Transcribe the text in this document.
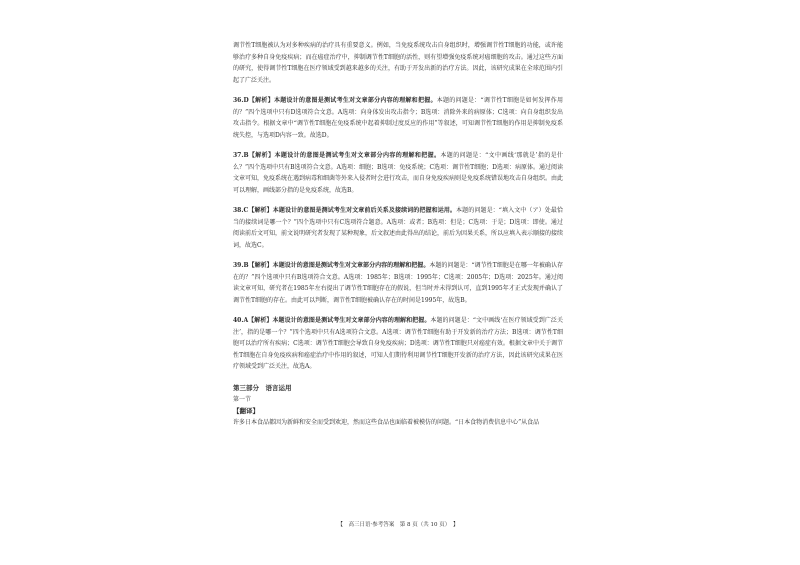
调节性T细胞被认为对多种疾病的治疗具有重要意义。例如，当免疫系统攻击自身组织时，增强调节性T细胞的功能，或许能够治疗多种自身免疫疾病；而在癌症治疗中，抑制调节性T细胞的活性，则有望增强免疫系统对癌细胞的攻击。通过这些方面的研究，使得调节性T细胞在医疗领域受到越来越多的关注，有助于开发出新的治疗方法。因此，该研究成果在全球范围内引起了广泛关注。

36.D【解析】本题设计的意图是测试考生对文章部分内容的理解和把握。本题的问题是：“调节性T细胞是如何发挥作用的？”四个选项中只有D选项符合文意。A选项：向身体发出攻击指令；B选项：消除外来的病原体；C选项：向自身组织发出攻击指令。根据文章中“调节性T细胞在免疫系统中起着抑制过度反应的作用”等叙述，可知调节性T细胞的作用是抑制免疫系统失控，与选项D内容一致。故选D。

37.B【解析】本题设计的意图是测试考生对文章部分内容的理解和把握。本题的问题是：“文中画线‘那就是’指的是什么？”四个选项中只有B选项符合文意。A选项：细胞；B选项：免疫系统；C选项：调节性T细胞；D选项：病原体。通过阅读文章可知，免疫系统在遇到病毒和细菌等外来入侵者时会进行攻击，而自身免疫疾病则是免疫系统错误地攻击自身组织。由此可以理解，画线部分指的是免疫系统，故选B。

38.C【解析】本题设计的意图是测试考生对文章前后关系及接续词的把握和运用。本题的问题是：“填入文中（ア）处最恰当的接续词是哪一个？”四个选项中只有C选项符合题意。A选项：或者；B选项：但是；C选项：于是；D选项：即使。通过阅读前后文可知，前文说明研究者发现了某种现象，后文叙述由此得出的结论，前后为因果关系，所以应填入表示顺接的接续词，故选C。

39.B【解析】本题设计的意图是测试考生对文章部分内容的理解和把握。本题的问题是：“调节性T细胞是在哪一年被确认存在的？”四个选项中只有B选项符合文意。A选项：1985年；B选项：1995年；C选项：2005年；D选项：2025年。通过阅读文章可知，研究者在1985年左右提出了调节性T细胞存在的假说，但当时并未得到认可，直到1995年才正式发现并确认了调节性T细胞的存在。由此可以判断，调节性T细胞被确认存在的时间是1995年，故选B。

40.A【解析】本题设计的意图是测试考生对文章部分内容的理解和把握。本题的问题是：“文中画线‘在医疗领域受到广泛关注’，指的是哪一个？”四个选项中只有A选项符合文意。A选项：调节性T细胞有助于开发新的治疗方法；B选项：调节性T细胞可以治疗所有疾病；C选项：调节性T细胞会导致自身免疫疾病；D选项：调节性T细胞只对癌症有效。根据文章中关于调节性T细胞在自身免疫疾病和癌症治疗中作用的叙述，可知人们期待利用调节性T细胞开发新的治疗方法，因此该研究成果在医疗领域受到广泛关注，故选A。

第三部分　语言运用
第一节
【翻译】

许多日本食品都因为新鲜和安全而受到欢迎，然而这些食品也面临着被模仿的问题。“日本食物消费信息中心”从食品

【　高三日语·参考答案　第 8 页（共 10 页）　】
